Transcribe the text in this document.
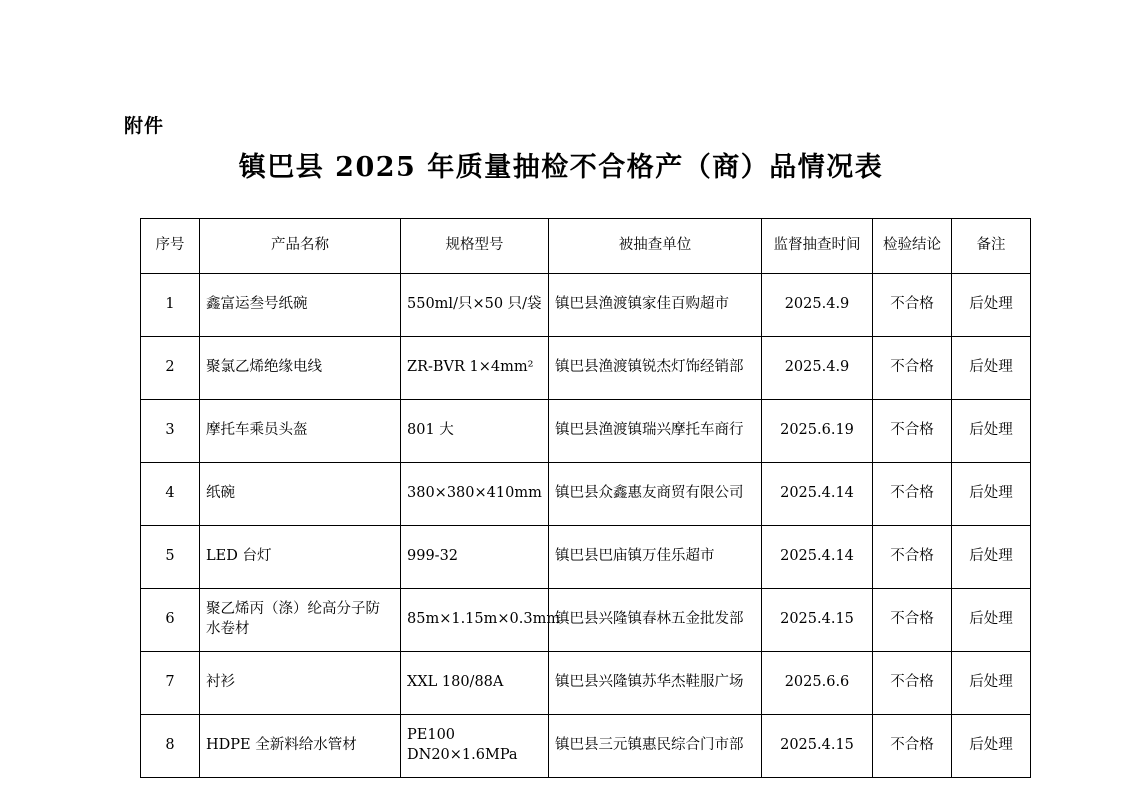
附件
镇巴县 2025 年质量抽检不合格产（商）品情况表
序号	产品名称	规格型号	被抽查单位	监督抽查时间	检验结论	备注
1	鑫富运叁号纸碗	550ml/只×50 只/袋	镇巴县渔渡镇家佳百购超市	2025.4.9	不合格	后处理
2	聚氯乙烯绝缘电线	ZR-BVR 1×4mm²	镇巴县渔渡镇锐杰灯饰经销部	2025.4.9	不合格	后处理
3	摩托车乘员头盔	801 大	镇巴县渔渡镇瑞兴摩托车商行	2025.6.19	不合格	后处理
4	纸碗	380×380×410mm	镇巴县众鑫惠友商贸有限公司	2025.4.14	不合格	后处理
5	LED 台灯	999-32	镇巴县巴庙镇万佳乐超市	2025.4.14	不合格	后处理
6	聚乙烯丙（涤）纶高分子防水卷材	85m×1.15m×0.3mm	镇巴县兴隆镇春林五金批发部	2025.4.15	不合格	后处理
7	衬衫	XXL 180/88A	镇巴县兴隆镇苏华杰鞋服广场	2025.6.6	不合格	后处理
8	HDPE 全新料给水管材	PE100 DN20×1.6MPa	镇巴县三元镇惠民综合门市部	2025.4.15	不合格	后处理
